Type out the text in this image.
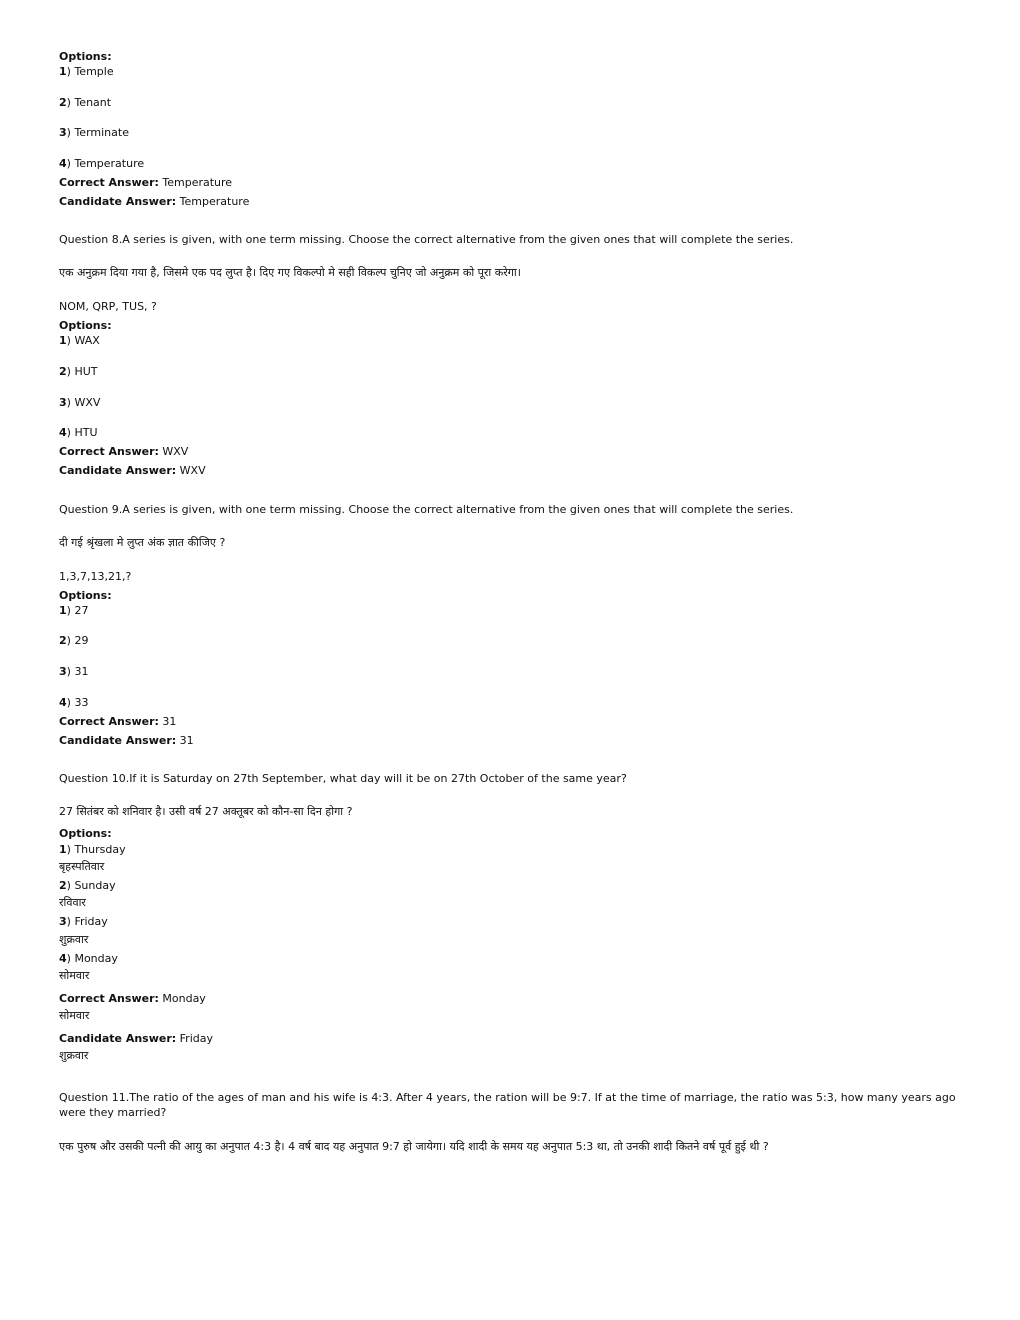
Options:
1) Temple
2) Tenant
3) Terminate
4) Temperature
Correct Answer: Temperature
Candidate Answer: Temperature
Question 8.A series is given, with one term missing. Choose the correct alternative from the given ones that will complete the series.
एक अनुक्रम दिया गया है, जिसमे एक पद लुप्त है। दिए गए विकल्पो मे सही विकल्प चुनिए जो अनुक्रम को पूरा करेगा।
NOM, QRP, TUS, ?
Options:
1) WAX
2) HUT
3) WXV
4) HTU
Correct Answer: WXV
Candidate Answer: WXV
Question 9.A series is given, with one term missing. Choose the correct alternative from the given ones that will complete the series.
दी गई श्रृंखला मे लुप्त अंक ज्ञात कीजिए ?
1,3,7,13,21,?
Options:
1) 27
2) 29
3) 31
4) 33
Correct Answer: 31
Candidate Answer: 31
Question 10.If it is Saturday on 27th September, what day will it be on 27th October of the same year?
27 सितंबर को शनिवार है। उसी वर्ष 27 अक्तूबर को कौन-सा दिन होगा ?
Options:
1) Thursday
बृहस्पतिवार
2) Sunday
रविवार
3) Friday
शुक्रवार
4) Monday
सोमवार
Correct Answer: Monday
सोमवार
Candidate Answer: Friday
शुक्रवार
Question 11.The ratio of the ages of man and his wife is 4:3. After 4 years, the ration will be 9:7. If at the time of marriage, the ratio was 5:3, how many years ago were they married?
एक पुरुष और उसकी पत्नी की आयु का अनुपात 4:3 है। 4 वर्ष बाद यह अनुपात 9:7 हो जायेगा। यदि शादी के समय यह अनुपात 5:3 था, तो उनकी शादी कितने वर्ष पूर्व हुई थी ?
